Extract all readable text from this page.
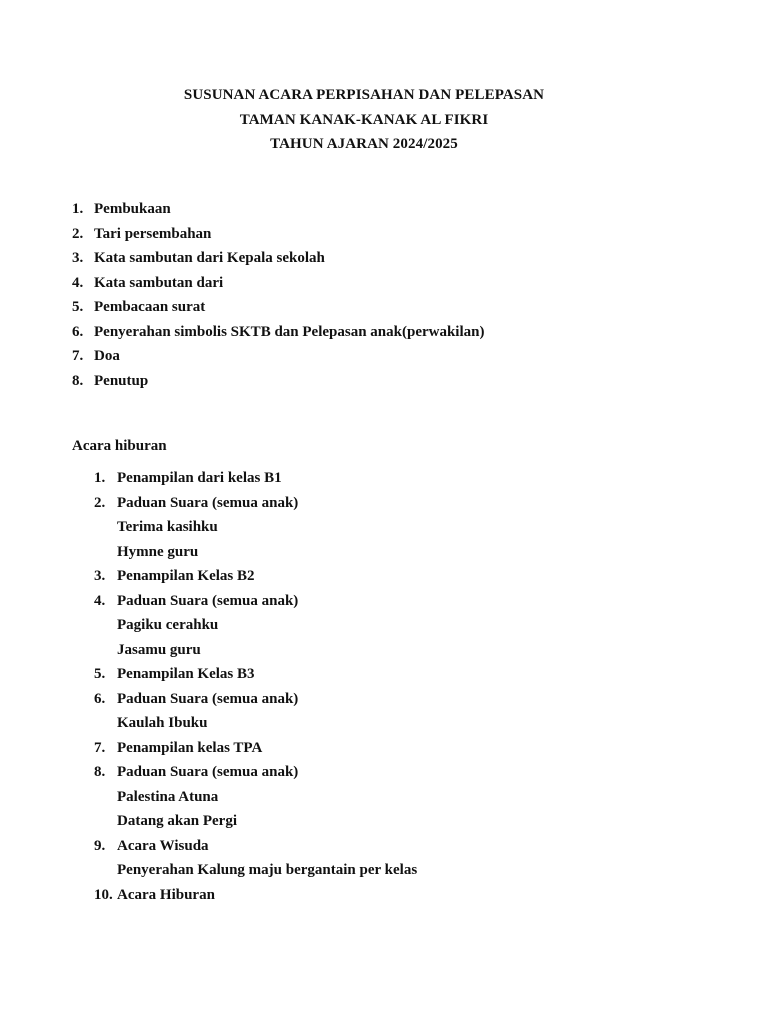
SUSUNAN ACARA PERPISAHAN DAN PELEPASAN
TAMAN KANAK-KANAK AL FIKRI
TAHUN AJARAN 2024/2025
1. Pembukaan
2. Tari persembahan
3. Kata sambutan dari Kepala sekolah
4. Kata sambutan dari
5. Pembacaan surat
6. Penyerahan simbolis SKTB dan Pelepasan anak(perwakilan)
7. Doa
8. Penutup
Acara hiburan
1. Penampilan dari kelas B1
2. Paduan Suara (semua anak)
Terima kasihku
Hymne guru
3. Penampilan Kelas B2
4. Paduan Suara (semua anak)
Pagiku cerahku
Jasamu guru
5. Penampilan Kelas B3
6. Paduan Suara (semua anak)
Kaulah Ibuku
7. Penampilan kelas TPA
8. Paduan Suara (semua anak)
Palestina Atuna
Datang akan Pergi
9. Acara Wisuda
Penyerahan Kalung maju bergantain per kelas
10. Acara Hiburan
